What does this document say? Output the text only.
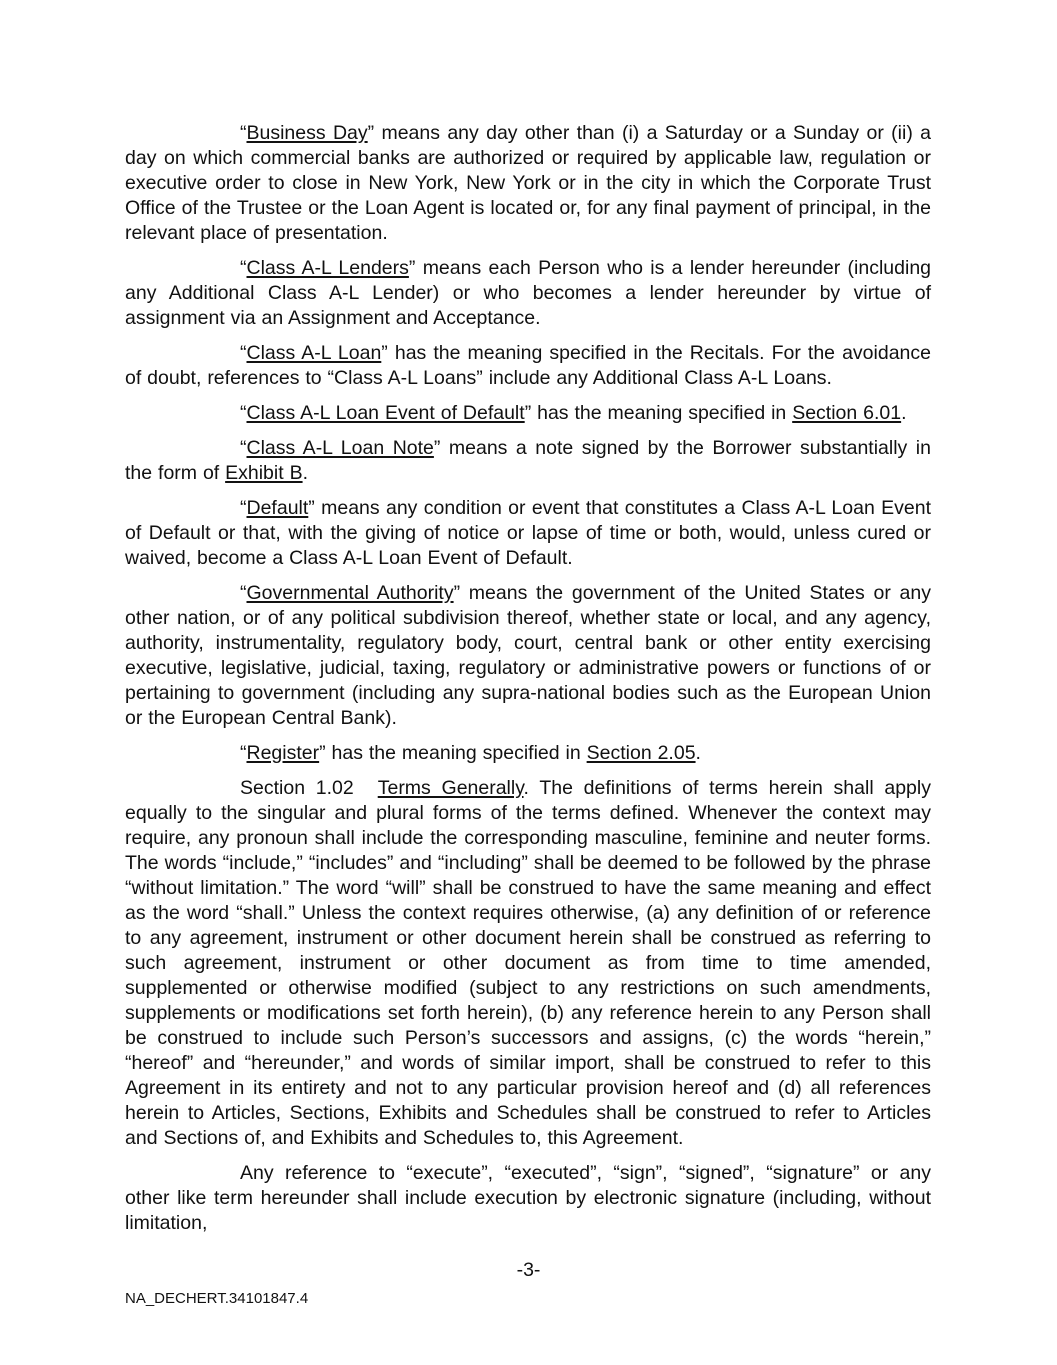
“Business Day” means any day other than (i) a Saturday or a Sunday or (ii) a day on which commercial banks are authorized or required by applicable law, regulation or executive order to close in New York, New York or in the city in which the Corporate Trust Office of the Trustee or the Loan Agent is located or, for any final payment of principal, in the relevant place of presentation.

“Class A-L Lenders” means each Person who is a lender hereunder (including any Additional Class A-L Lender) or who becomes a lender hereunder by virtue of assignment via an Assignment and Acceptance.

“Class A-L Loan” has the meaning specified in the Recitals. For the avoidance of doubt, references to “Class A-L Loans” include any Additional Class A-L Loans.

“Class A-L Loan Event of Default” has the meaning specified in Section 6.01.

“Class A-L Loan Note” means a note signed by the Borrower substantially in the form of Exhibit B.

“Default” means any condition or event that constitutes a Class A-L Loan Event of Default or that, with the giving of notice or lapse of time or both, would, unless cured or waived, become a Class A-L Loan Event of Default.

“Governmental Authority” means the government of the United States or any other nation, or of any political subdivision thereof, whether state or local, and any agency, authority, instrumentality, regulatory body, court, central bank or other entity exercising executive, legislative, judicial, taxing, regulatory or administrative powers or functions of or pertaining to government (including any supra-national bodies such as the European Union or the European Central Bank).

“Register” has the meaning specified in Section 2.05.

Section 1.02 Terms Generally. The definitions of terms herein shall apply equally to the singular and plural forms of the terms defined. Whenever the context may require, any pronoun shall include the corresponding masculine, feminine and neuter forms. The words “include,” “includes” and “including” shall be deemed to be followed by the phrase “without limitation.” The word “will” shall be construed to have the same meaning and effect as the word “shall.” Unless the context requires otherwise, (a) any definition of or reference to any agreement, instrument or other document herein shall be construed as referring to such agreement, instrument or other document as from time to time amended, supplemented or otherwise modified (subject to any restrictions on such amendments, supplements or modifications set forth herein), (b) any reference herein to any Person shall be construed to include such Person’s successors and assigns, (c) the words “herein,” “hereof” and “hereunder,” and words of similar import, shall be construed to refer to this Agreement in its entirety and not to any particular provision hereof and (d) all references herein to Articles, Sections, Exhibits and Schedules shall be construed to refer to Articles and Sections of, and Exhibits and Schedules to, this Agreement.

Any reference to “execute”, “executed”, “sign”, “signed”, “signature” or any other like term hereunder shall include execution by electronic signature (including, without limitation,

-3-
NA_DECHERT.34101847.4
